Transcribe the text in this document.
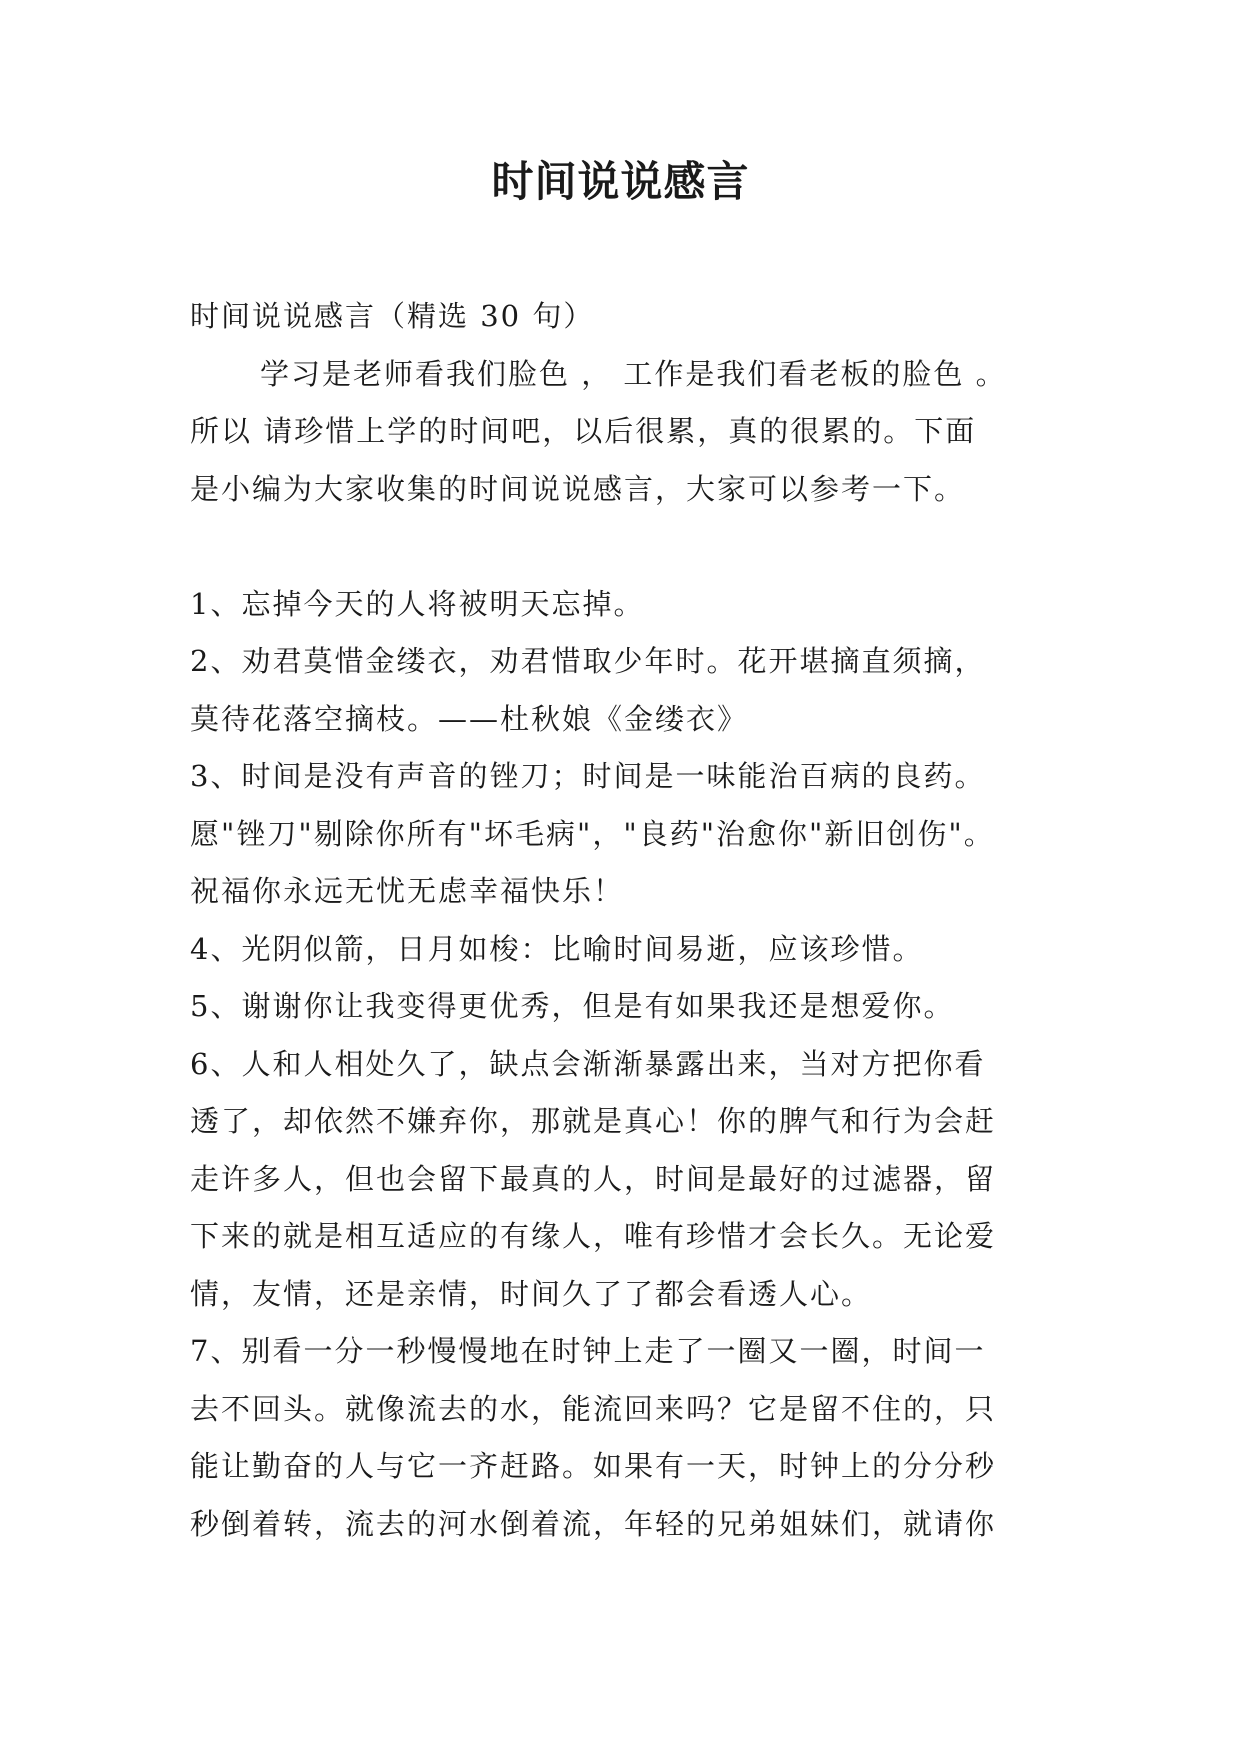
时间说说感言
时间说说感言（精选 30 句）
学习是老师看我们脸色 ， 工作是我们看老板的脸色 。
所以 请珍惜上学的时间吧，以后很累，真的很累的。下面
是小编为大家收集的时间说说感言，大家可以参考一下。
1、忘掉今天的人将被明天忘掉。
2、劝君莫惜金缕衣，劝君惜取少年时。花开堪摘直须摘，
莫待花落空摘枝。——杜秋娘《金缕衣》
3、时间是没有声音的锉刀；时间是一味能治百病的良药。
愿"锉刀"剔除你所有"坏毛病"，"良药"治愈你"新旧创伤"。
祝福你永远无忧无虑幸福快乐！
4、光阴似箭，日月如梭：比喻时间易逝，应该珍惜。
5、谢谢你让我变得更优秀，但是有如果我还是想爱你。
6、人和人相处久了，缺点会渐渐暴露出来，当对方把你看
透了，却依然不嫌弃你，那就是真心！你的脾气和行为会赶
走许多人，但也会留下最真的人，时间是最好的过滤器，留
下来的就是相互适应的有缘人，唯有珍惜才会长久。无论爱
情，友情，还是亲情，时间久了了都会看透人心。
7、别看一分一秒慢慢地在时钟上走了一圈又一圈，时间一
去不回头。就像流去的水，能流回来吗？它是留不住的，只
能让勤奋的人与它一齐赶路。如果有一天，时钟上的分分秒
秒倒着转，流去的河水倒着流，年轻的兄弟姐妹们，就请你
